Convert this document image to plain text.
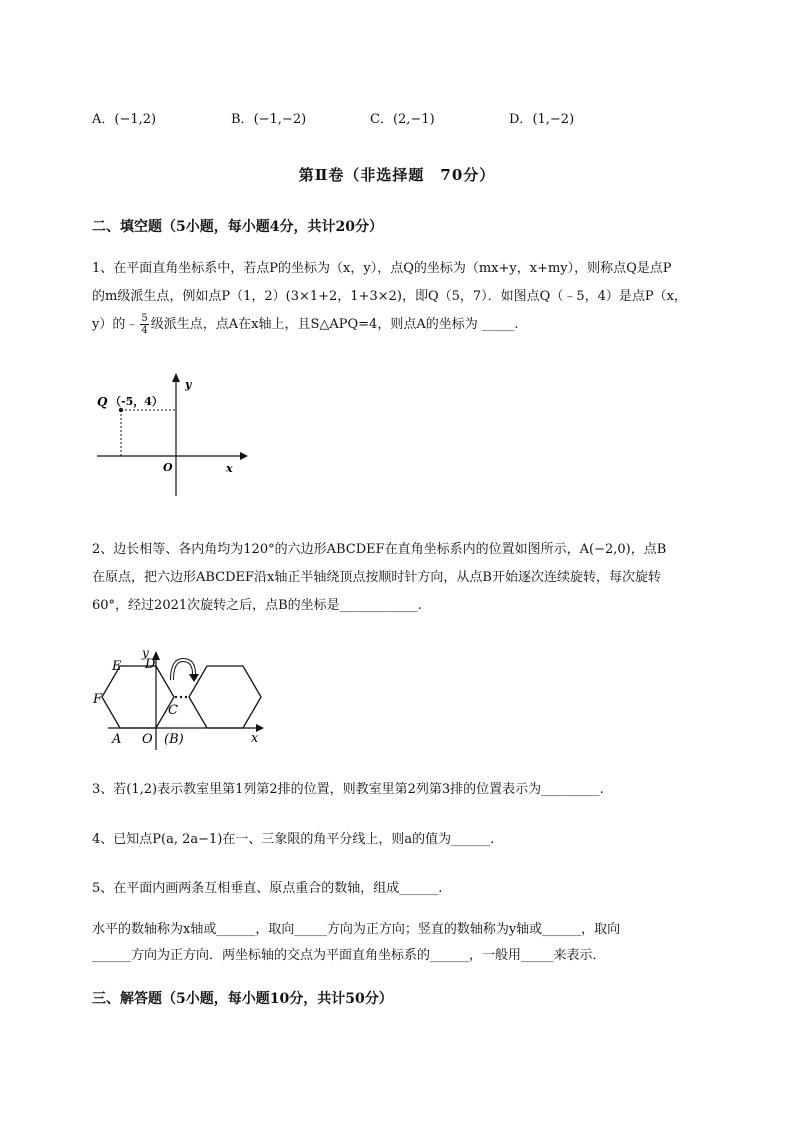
A．(−1,2)	B．(−1,−2)	C．(2,−1)	D．(1,−2)
第Ⅱ卷（非选择题　70分）
二、填空题（5小题，每小题4分，共计20分）
1、在平面直角坐标系中，若点P的坐标为（x，y），点Q的坐标为（mx+y，x+my），则称点Q是点P
的m级派生点，例如点P（1，2）(3×1+2，1+3×2)，即Q（5，7）．如图点Q（﹣5，4）是点P（x，
y）的﹣ $\frac{5}{4}$ 级派生点，点A在x轴上，且S△APQ=4，则点A的坐标为 _____.
Q （-5，4）
y
x
O
2、边长相等、各内角均为120°的六边形ABCDEF在直角坐标系内的位置如图所示，A(−2,0)，点B
在原点，把六边形ABCDEF沿x轴正半轴绕顶点按顺时针方向，从点B开始逐次连续旋转，每次旋转
60°，经过2021次旋转之后，点B的坐标是____________.
E D
F
C
A O (B)	x
y
3、若(1,2)表示教室里第1列第2排的位置，则教室里第2列第3排的位置表示为_________.
4、已知点P(a, 2a−1)在一、三象限的角平分线上，则a的值为______.
5、在平面内画两条互相垂直、原点重合的数轴，组成______.
水平的数轴称为x轴或______，取向_____方向为正方向；竖直的数轴称为y轴或______，取向
______方向为正方向．两坐标轴的交点为平面直角坐标系的______，一般用_____来表示．
三、解答题（5小题，每小题10分，共计50分）
